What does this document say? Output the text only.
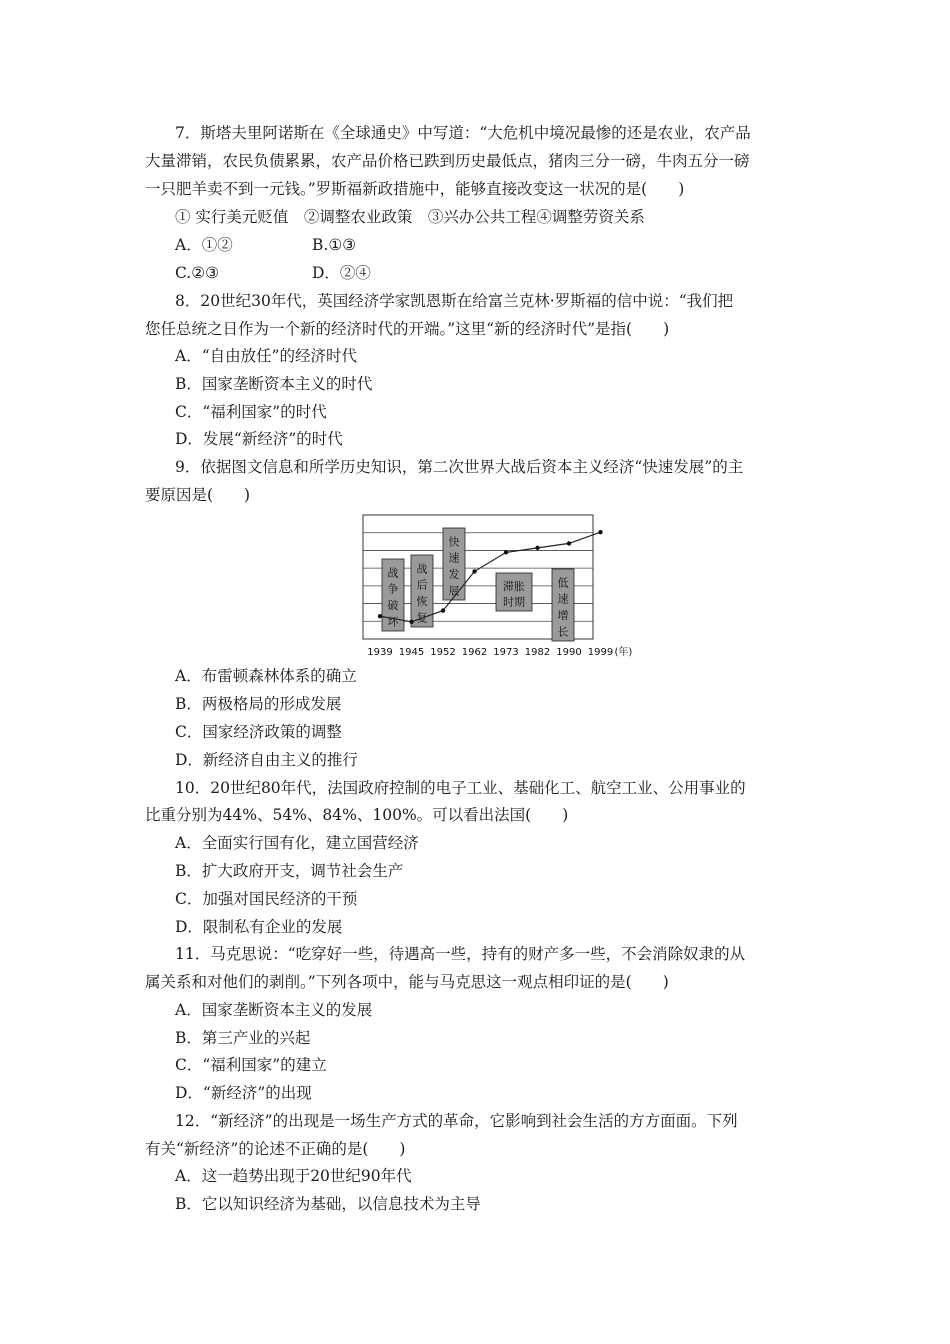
7．斯塔夫里阿诺斯在《全球通史》中写道：“大危机中境况最惨的还是农业，农产品
大量滞销，农民负债累累，农产品价格已跌到历史最低点，猪肉三分一磅，牛肉五分一磅
一只肥羊卖不到一元钱。”罗斯福新政措施中，能够直接改变这一状况的是(　　)
① 实行美元贬值　②调整农业政策　③兴办公共工程④调整劳资关系
A．①②	B.①③
C.②③	D．②④
8．20世纪30年代，英国经济学家凯恩斯在给富兰克林·罗斯福的信中说：“我们把
您任总统之日作为一个新的经济时代的开端。”这里“新的经济时代”是指(　　)
A．“自由放任”的经济时代
B．国家垄断资本主义的时代
C．“福利国家”的时代
D．发展“新经济”的时代
9．依据图文信息和所学历史知识，第二次世界大战后资本主义经济“快速发展”的主
要原因是(　　)
战
争
破
坏
战
后
恢
复
快
速
发
展	滞胀
时期
低
速
增
长
1939 1945 1952 1962 1973 1982 1990 1999 (年)
A．布雷顿森林体系的确立
B．两极格局的形成发展
C．国家经济政策的调整
D．新经济自由主义的推行
10．20世纪80年代，法国政府控制的电子工业、基础化工、航空工业、公用事业的
比重分别为44%、54%、84%、100%。可以看出法国(　　)
A．全面实行国有化，建立国营经济
B．扩大政府开支，调节社会生产
C．加强对国民经济的干预
D．限制私有企业的发展
11．马克思说：“吃穿好一些，待遇高一些，持有的财产多一些，不会消除奴隶的从
属关系和对他们的剥削。”下列各项中，能与马克思这一观点相印证的是(　　)
A．国家垄断资本主义的发展
B．第三产业的兴起
C．“福利国家”的建立
D．“新经济”的出现
12．“新经济”的出现是一场生产方式的革命，它影响到社会生活的方方面面。下列
有关“新经济”的论述不正确的是(　　)
A．这一趋势出现于20世纪90年代
B．它以知识经济为基础，以信息技术为主导
